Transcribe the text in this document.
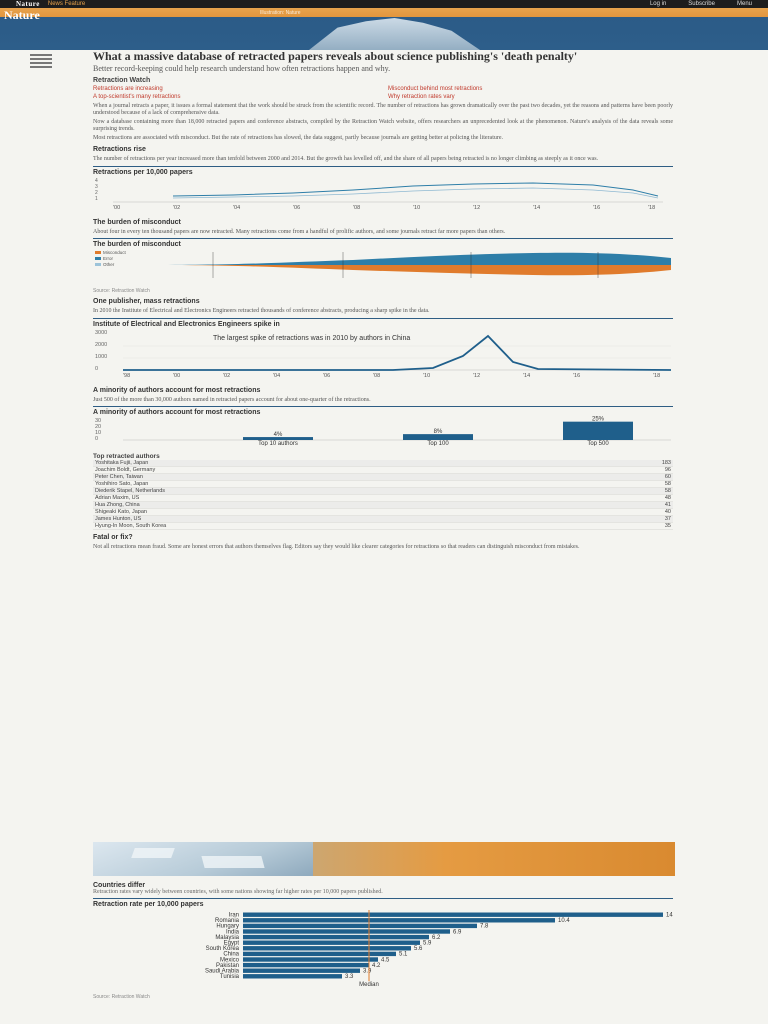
Nature News Feature	Log in	Subscribe	Menu
Nature	Illustration: Nature
What a massive database of retracted papers reveals about science publishing's 'death penalty'
Better record-keeping could help research understand how often retractions happen and why.
Retraction Watch
Retractions are increasing	Misconduct behind most retractions
A top-scientist's many retractions	Why retraction rates vary

When a journal retracts a paper, it issues a formal statement that the work should be struck from the scientific record. The number of retractions has grown dramatically over the past two decades, yet the reasons and patterns have been poorly understood because of a lack of comprehensive data.

Now a database containing more than 18,000 retracted papers and conference abstracts, compiled by the Retraction Watch website, offers researchers an unprecedented look at the phenomenon. Nature's analysis of the data reveals some surprising trends.

Most retractions are associated with misconduct. But the rate of retractions has slowed, the data suggest, partly because journals are getting better at policing the literature.

Retractions rise

The number of retractions per year increased more than tenfold between 2000 and 2014. But the growth has levelled off, and the share of all papers being retracted is no longer climbing as steeply as it once was.

Retractions per 10,000 papers
4
3
2
1
'00	'02	'04	'06	'08	'10	'12	'14	'16	'18
The burden of misconduct

About four in every ten thousand papers are now retracted. Many retractions come from a handful of prolific authors, and some journals retract far more papers than others.

The burden of misconduct
Misconduct
Error
Other
Source: Retraction Watch
One publisher, mass retractions

In 2010 the Institute of Electrical and Electronics Engineers retracted thousands of conference abstracts, producing a sharp spike in the data.

Institute of Electrical and Electronics Engineers spike in
3000
2000
1000
0
The largest spike of retractions was in 2010 by authors in China
'98	'00	'02	'04	'06	'08	'10	'12	'14	'16	'18
A minority of authors account for most retractions

Just 500 of the more than 30,000 authors named in retracted papers account for about one-quarter of the retractions.

A minority of authors account for most retractions
30
20
10
0
4%
Top 10 authors
8%
Top 100
25%
Top 500
Top retracted authors	
Yoshitaka Fujii, Japan	183
Joachim Boldt, Germany	96
Peter Chen, Taiwan	60
Yoshihiro Sato, Japan	58
Diederik Stapel, Netherlands	58
Adrian Maxim, US	48
Hua Zhong, China	41
Shigeaki Kato, Japan	40
James Hunton, US	37
Hyung-In Moon, South Korea	35
Fatal or fix?

Not all retractions mean fraud. Some are honest errors that authors themselves flag. Editors say they would like clearer categories for retractions so that readers can distinguish misconduct from mistakes.

Countries differ

Retraction rates vary widely between countries, with some nations showing far higher rates per 10,000 papers published.

Retraction rate per 10,000 papers
Iran	14
Romania	10.4
Hungary	7.8
India	6.9
Malaysia	6.2
Egypt	5.9
South Korea	5.6
China	5.1
Mexico	4.5
Pakistan	4.2
Saudi Arabia	3.9
Tunisia	3.3
Median
Source: Retraction Watch
